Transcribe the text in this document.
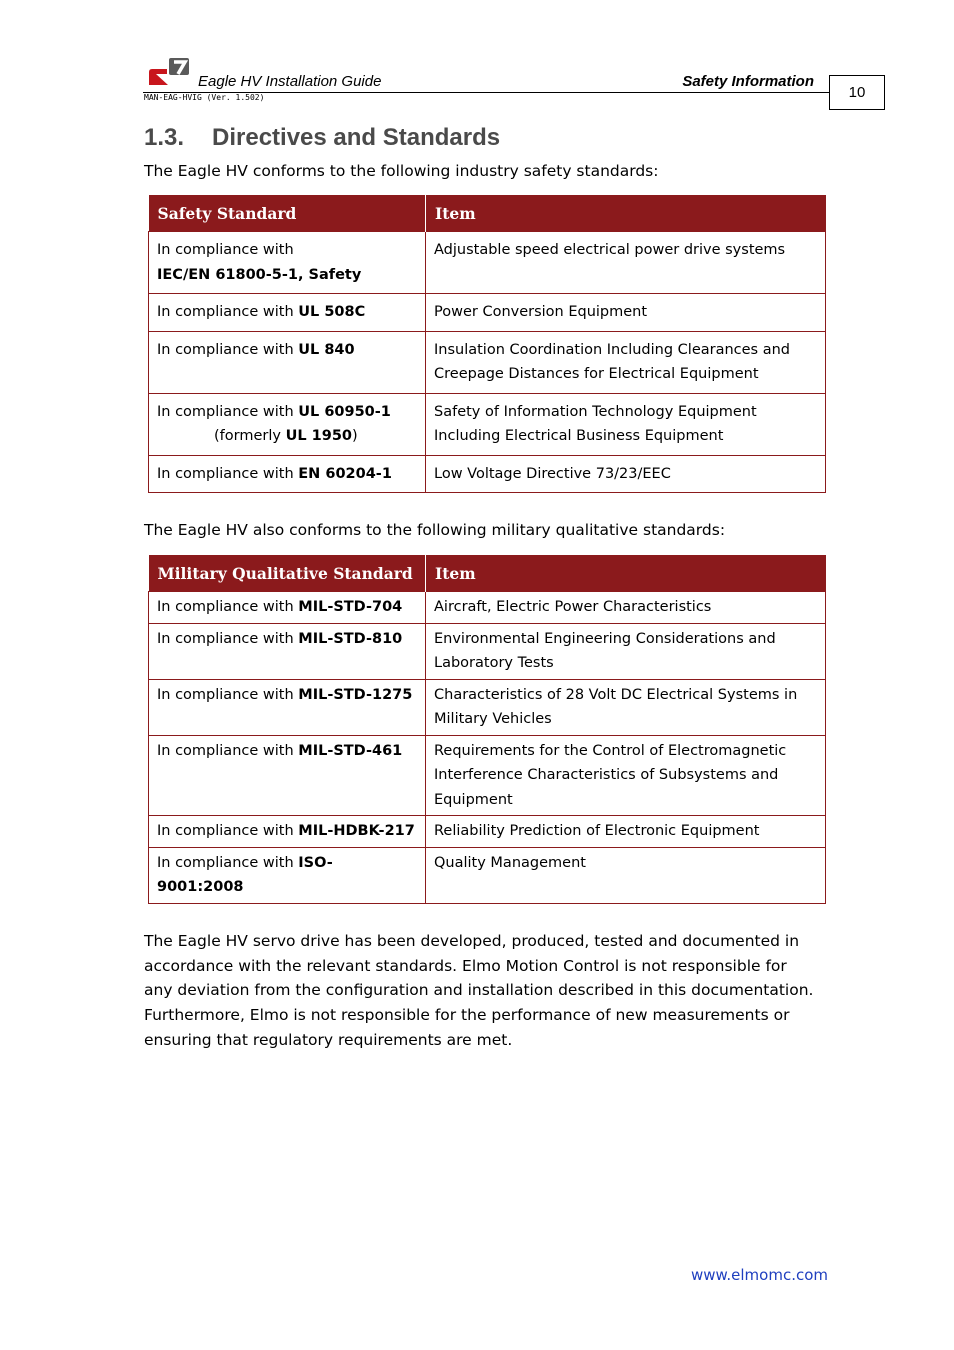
Eagle HV Installation Guide	Safety Information
MAN-EAG-HVIG (Ver. 1.502)	10
1.3. Directives and Standards
The Eagle HV conforms to the following industry safety standards:
Safety Standard	Item
In compliance with
IEC/EN 61800-5-1, Safety	Adjustable speed electrical power drive systems
In compliance with UL 508C	Power Conversion Equipment
In compliance with UL 840	Insulation Coordination Including Clearances and Creepage Distances for Electrical Equipment
In compliance with UL 60950-1
(formerly UL 1950)	Safety of Information Technology Equipment Including Electrical Business Equipment
In compliance with EN 60204-1	Low Voltage Directive 73/23/EEC
The Eagle HV also conforms to the following military qualitative standards:
Military Qualitative Standard	Item
In compliance with MIL-STD-704	Aircraft, Electric Power Characteristics
In compliance with MIL-STD-810	Environmental Engineering Considerations and Laboratory Tests
In compliance with MIL-STD-1275	Characteristics of 28 Volt DC Electrical Systems in Military Vehicles
In compliance with MIL-STD-461	Requirements for the Control of Electromagnetic Interference Characteristics of Subsystems and Equipment
In compliance with MIL-HDBK-217	Reliability Prediction of Electronic Equipment
In compliance with ISO-9001:2008	Quality Management
The Eagle HV servo drive has been developed, produced, tested and documented in accordance with the relevant standards. Elmo Motion Control is not responsible for any deviation from the configuration and installation described in this documentation. Furthermore, Elmo is not responsible for the performance of new measurements or ensuring that regulatory requirements are met.
www.elmomc.com
